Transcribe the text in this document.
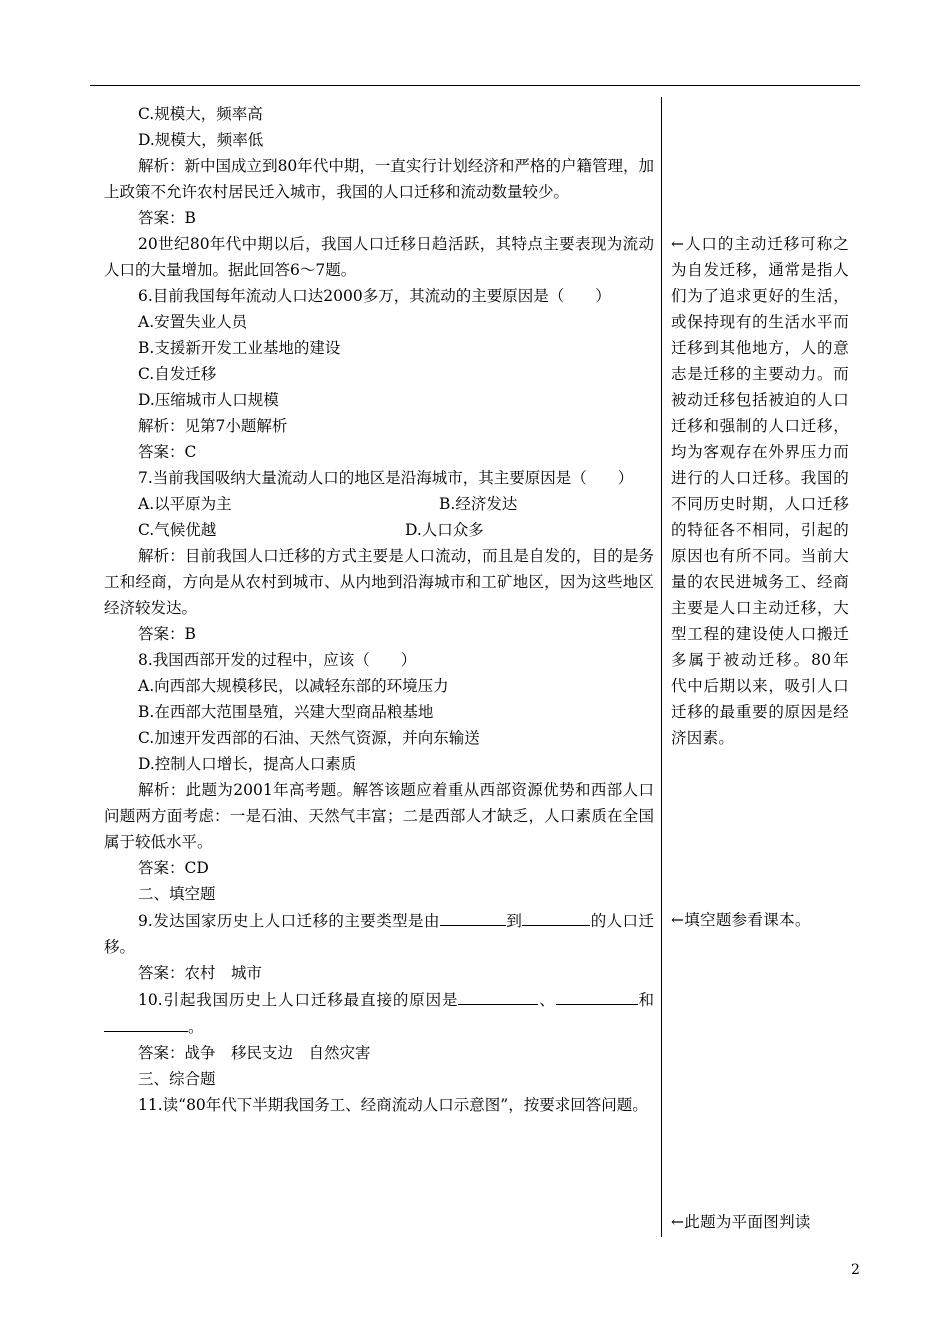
C.规模大，频率高

D.规模大，频率低

解析：新中国成立到80年代中期，一直实行计划经济和严格的户籍管理，加上政策不允许农村居民迁入城市，我国的人口迁移和流动数量较少。

答案：B

20世纪80年代中期以后，我国人口迁移日趋活跃，其特点主要表现为流动人口的大量增加。据此回答6～7题。

6.目前我国每年流动人口达2000多万，其流动的主要原因是（　　）

A.安置失业人员

B.支援新开发工业基地的建设

C.自发迁移

D.压缩城市人口规模

解析：见第7小题解析

答案：C

7.当前我国吸纳大量流动人口的地区是沿海城市，其主要原因是（　　）

A.以平原为主	B.经济发达
C.气候优越	D.人口众多

解析：目前我国人口迁移的方式主要是人口流动，而且是自发的，目的是务工和经商，方向是从农村到城市、从内地到沿海城市和工矿地区，因为这些地区经济较发达。

答案：B

8.我国西部开发的过程中，应该（　　）

A.向西部大规模移民，以减轻东部的环境压力

B.在西部大范围垦殖，兴建大型商品粮基地

C.加速开发西部的石油、天然气资源，并向东输送

D.控制人口增长，提高人口素质

解析：此题为2001年高考题。解答该题应着重从西部资源优势和西部人口问题两方面考虑：一是石油、天然气丰富；二是西部人才缺乏，人口素质在全国属于较低水平。

答案：CD

二、填空题

9.发达国家历史上人口迁移的主要类型是由	到	的人口迁移。

答案：农村　城市

10.引起我国历史上人口迁移最直接的原因是	、	和。

答案：战争　移民支边　自然灾害

三、综合题

11.读“80年代下半期我国务工、经商流动人口示意图”，按要求回答问题。

←人口的主动迁移可称之为自发迁移，通常是指人们为了追求更好的生活，或保持现有的生活水平而迁移到其他地方，人的意志是迁移的主要动力。而被动迁移包括被迫的人口迁移和强制的人口迁移，均为客观存在外界压力而进行的人口迁移。我国的不同历史时期，人口迁移的特征各不相同，引起的原因也有所不同。当前大量的农民进城务工、经商主要是人口主动迁移，大型工程的建设使人口搬迁多属于被动迁移。80年代中后期以来，吸引人口迁移的最重要的原因是经济因素。
←填空题参看课本。
←此题为平面图判读
2
